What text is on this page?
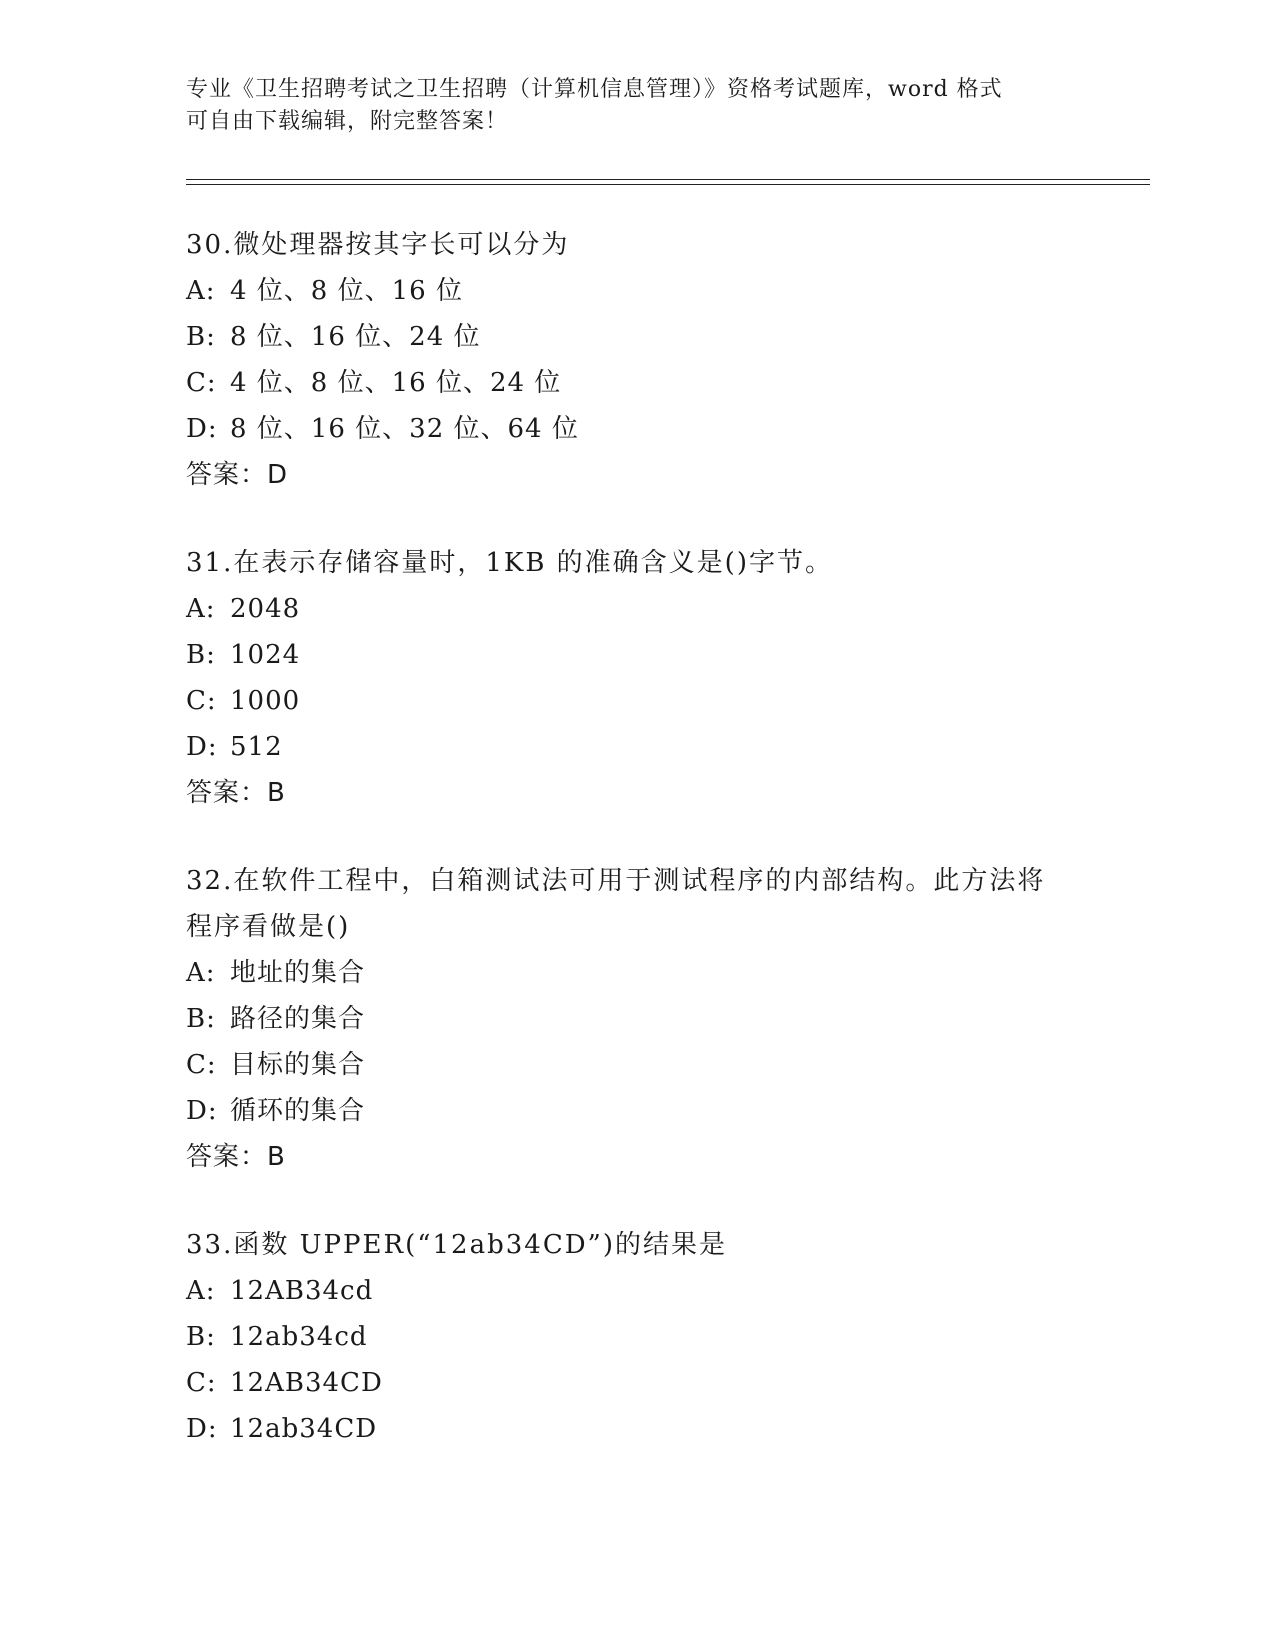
专业《卫生招聘考试之卫生招聘（计算机信息管理）》资格考试题库，word 格式
可自由下载编辑，附完整答案！
30.微处理器按其字长可以分为
A: 4 位、8 位、16 位
B: 8 位、16 位、24 位
C: 4 位、8 位、16 位、24 位
D: 8 位、16 位、32 位、64 位
答案：D
31.在表示存储容量时，1KB 的准确含义是()字节。
A: 2048
B: 1024
C: 1000
D: 512
答案：B
32.在软件工程中，白箱测试法可用于测试程序的内部结构。此方法将程序看做是()
A: 地址的集合
B: 路径的集合
C: 目标的集合
D: 循环的集合
答案：B
33.函数 UPPER(“12ab34CD”)的结果是
A: 12AB34cd
B: 12ab34cd
C: 12AB34CD
D: 12ab34CD
